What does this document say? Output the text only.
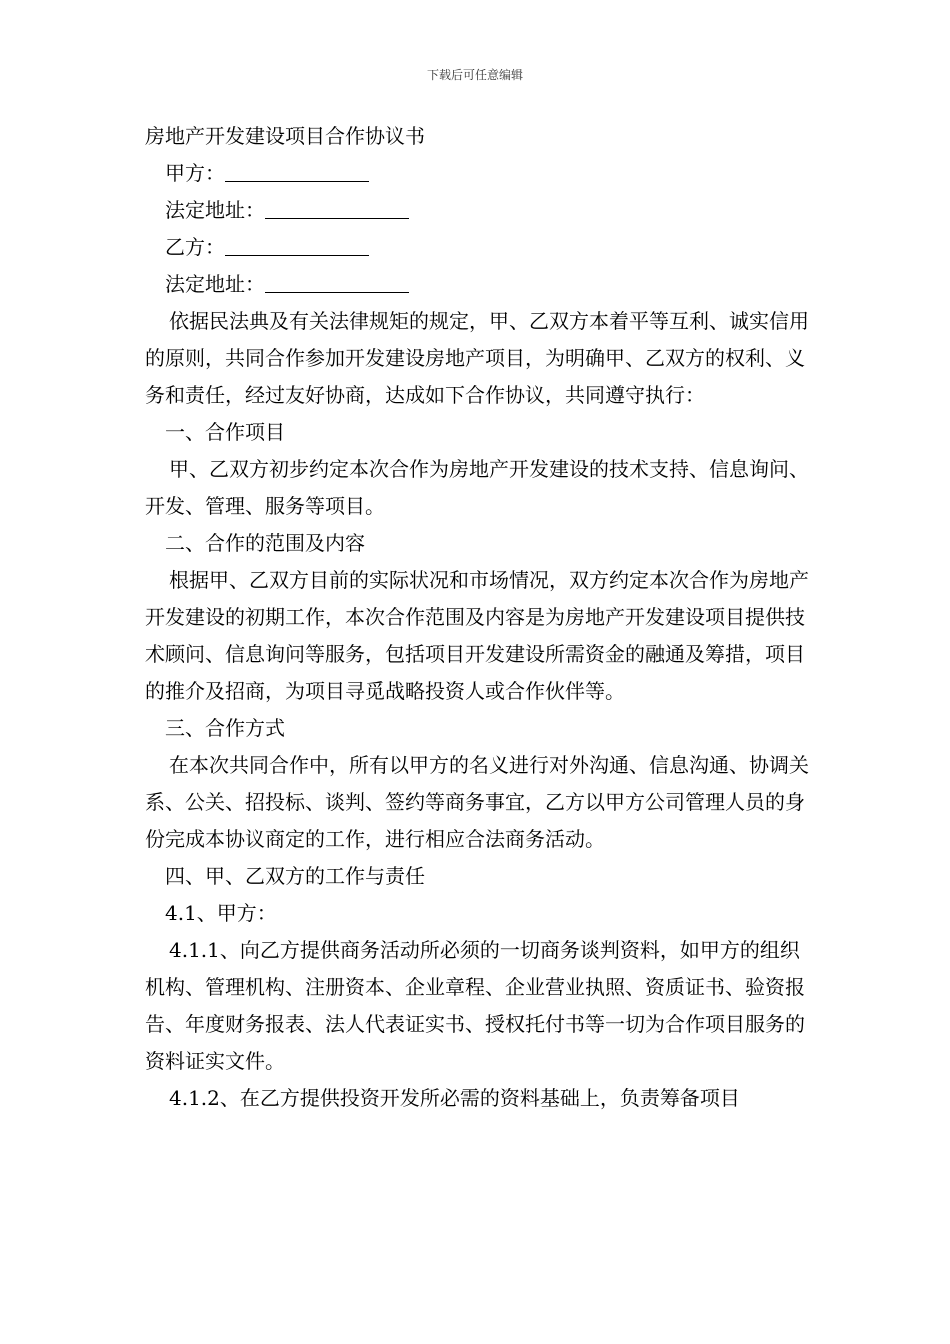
下载后可任意编辑
房地产开发建设项目合作协议书
甲方：
法定地址：
乙方：
法定地址：

依据民法典及有关法律规矩的规定，甲、乙双方本着平等互利、诚实信用的原则，共同合作参加开发建设房地产项目，为明确甲、乙双方的权利、义务和责任，经过友好协商，达成如下合作协议，共同遵守执行：

一、合作项目

甲、乙双方初步约定本次合作为房地产开发建设的技术支持、信息询问、开发、管理、服务等项目。

二、合作的范围及内容

根据甲、乙双方目前的实际状况和市场情况，双方约定本次合作为房地产开发建设的初期工作，本次合作范围及内容是为房地产开发建设项目提供技术顾问、信息询问等服务，包括项目开发建设所需资金的融通及筹措，项目的推介及招商，为项目寻觅战略投资人或合作伙伴等。

三、合作方式

在本次共同合作中，所有以甲方的名义进行对外沟通、信息沟通、协调关系、公关、招投标、谈判、签约等商务事宜，乙方以甲方公司管理人员的身份完成本协议商定的工作，进行相应合法商务活动。

四、甲、乙双方的工作与责任
4.1、甲方：

4.1.1、向乙方提供商务活动所必须的一切商务谈判资料，如甲方的组织机构、管理机构、注册资本、企业章程、企业营业执照、资质证书、验资报告、年度财务报表、法人代表证实书、授权托付书等一切为合作项目服务的资料证实文件。

4.1.2、在乙方提供投资开发所必需的资料基础上，负责筹备项目
